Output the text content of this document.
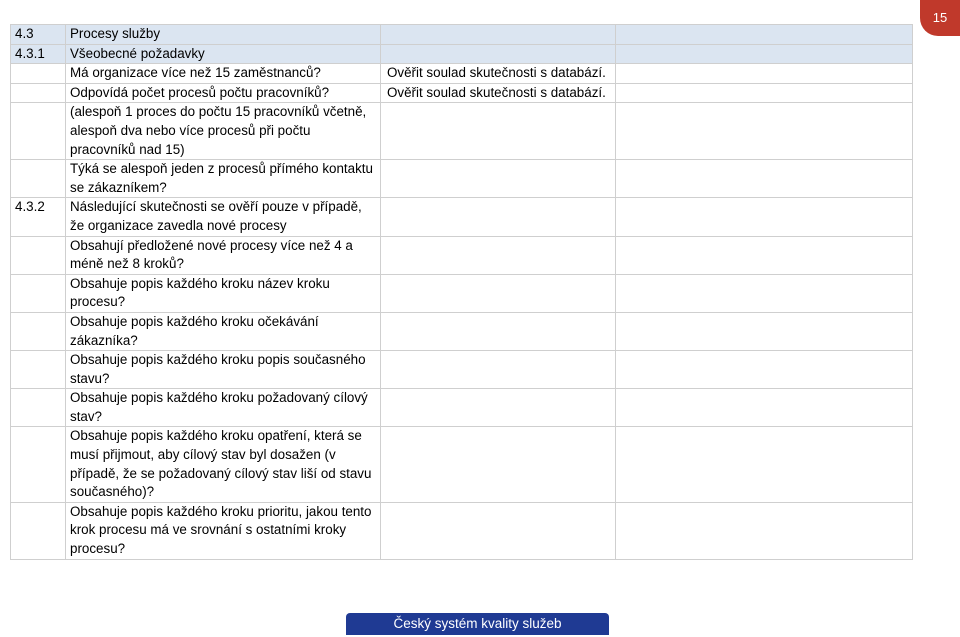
15
4.3	Procesy služby		
4.3.1	Všeobecné požadavky		
	Má organizace více než 15 zaměstnanců?	Ověřit soulad skutečnosti s databází.	
	Odpovídá počet procesů počtu pracovníků?	Ověřit soulad skutečnosti s databází.	
	(alespoň 1 proces do počtu 15 pracovníků včetně, alespoň dva nebo více procesů při počtu pracovníků nad 15)		
	Týká se alespoň jeden z procesů přímého kontaktu se zákazníkem?		
4.3.2	Následující skutečnosti se ověří pouze v případě, že organizace zavedla nové procesy		
	Obsahují předložené nové procesy více než 4 a méně než 8 kroků?		
	Obsahuje popis každého kroku název kroku procesu?		
	Obsahuje popis každého kroku očekávání zákazníka?		
	Obsahuje popis každého kroku popis současného stavu?		
	Obsahuje popis každého kroku požadovaný cílový stav?		
	Obsahuje popis každého kroku opatření, která se musí přijmout, aby cílový stav byl dosažen (v případě, že se požadovaný cílový stav liší od stavu současného)?		
	Obsahuje popis každého kroku prioritu, jakou tento krok procesu má ve srovnání s ostatními kroky procesu?		
Český systém kvality služeb
